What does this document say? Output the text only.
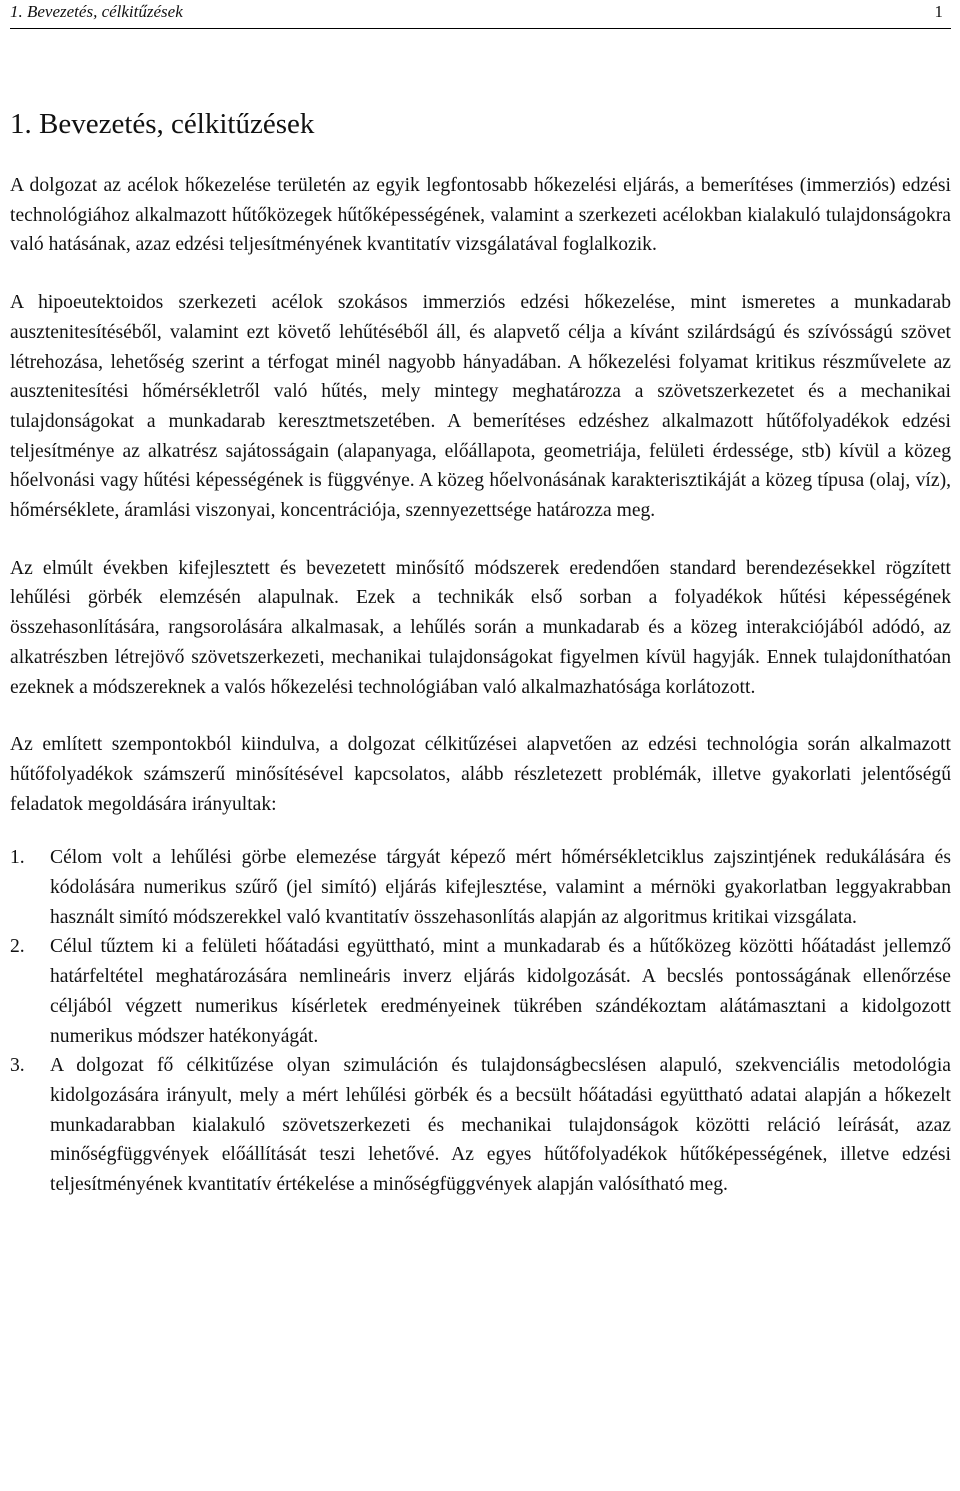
1. Bevezetés, célkitűzések	1
1. Bevezetés, célkitűzések

A dolgozat az acélok hőkezelése területén az egyik legfontosabb hőkezelési eljárás, a bemerítéses (immerziós) edzési technológiához alkalmazott hűtőközegek hűtőképességének, valamint a szerkezeti acélokban kialakuló tulajdonságokra való hatásának, azaz edzési teljesítményének kvantitatív vizsgálatával foglalkozik.

A hipoeutektoidos szerkezeti acélok szokásos immerziós edzési hőkezelése, mint ismeretes a munkadarab ausztenitesítéséből, valamint ezt követő lehűtéséből áll, és alapvető célja a kívánt szilárdságú és szívósságú szövet létrehozása, lehetőség szerint a térfogat minél nagyobb hányadában. A hőkezelési folyamat kritikus részművelete az ausztenitesítési hőmérsékletről való hűtés, mely mintegy meghatározza a szövetszerkezetet és a mechanikai tulajdonságokat a munkadarab keresztmetszetében. A bemerítéses edzéshez alkalmazott hűtőfolyadékok edzési teljesítménye az alkatrész sajátosságain (alapanyaga, előállapota, geometriája, felületi érdessége, stb) kívül a közeg hőelvonási vagy hűtési képességének is függvénye. A közeg hőelvonásának karakterisztikáját a közeg típusa (olaj, víz), hőmérséklete, áramlási viszonyai, koncentrációja, szennyezettsége határozza meg.

Az elmúlt években kifejlesztett és bevezetett minősítő módszerek eredendően standard berendezésekkel rögzített lehűlési görbék elemzésén alapulnak. Ezek a technikák első sorban a folyadékok hűtési képességének összehasonlítására, rangsorolására alkalmasak, a lehűlés során a munkadarab és a közeg interakciójából adódó, az alkatrészben létrejövő szövetszerkezeti, mechanikai tulajdonságokat figyelmen kívül hagyják. Ennek tulajdoníthatóan ezeknek a módszereknek a valós hőkezelési technológiában való alkalmazhatósága korlátozott.

Az említett szempontokból kiindulva, a dolgozat célkitűzései alapvetően az edzési technológia során alkalmazott hűtőfolyadékok számszerű minősítésével kapcsolatos, alább részletezett problémák, illetve gyakorlati jelentőségű feladatok megoldására irányultak:

1. Célom volt a lehűlési görbe elemezése tárgyát képező mért hőmérsékletciklus zajszintjének redukálására és kódolására numerikus szűrő (jel simító) eljárás kifejlesztése, valamint a mérnöki gyakorlatban leggyakrabban használt simító módszerekkel való kvantitatív összehasonlítás alapján az algoritmus kritikai vizsgálata.
2. Célul tűztem ki a felületi hőátadási együttható, mint a munkadarab és a hűtőközeg közötti hőátadást jellemző határfeltétel meghatározására nemlineáris inverz eljárás kidolgozását. A becslés pontosságának ellenőrzése céljából végzett numerikus kísérletek eredményeinek tükrében szándékoztam alátámasztani a kidolgozott numerikus módszer hatékonyágát.
3. A dolgozat fő célkitűzése olyan szimuláción és tulajdonságbecslésen alapuló, szekvenciális metodológia kidolgozására irányult, mely a mért lehűlési görbék és a becsült hőátadási együttható adatai alapján a hőkezelt munkadarabban kialakuló szövetszerkezeti és mechanikai tulajdonságok közötti reláció leírását, azaz minőségfüggvények előállítását teszi lehetővé. Az egyes hűtőfolyadékok hűtőképességének, illetve edzési teljesítményének kvantitatív értékelése a minőségfüggvények alapján valósítható meg.
